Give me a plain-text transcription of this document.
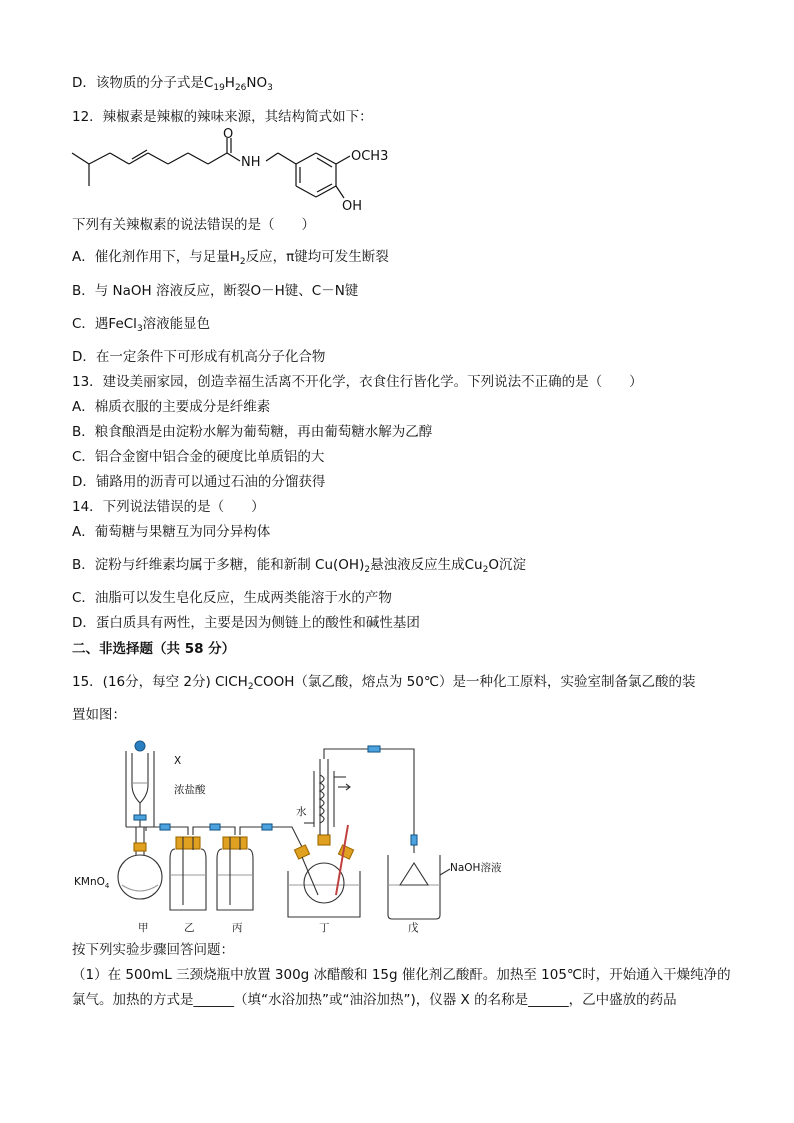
D．该物质的分子式是$C_{19}H_{26}NO_3$
12．辣椒素是辣椒的辣味来源，其结构简式如下：
O
NH	OCH3
OH
下列有关辣椒素的说法错误的是（　　）
A．催化剂作用下，与足量$H_2$反应，π键均可发生断裂
B．与 NaOH 溶液反应，断裂O－H键、C－N键
C．遇FeCl$_3$溶液能显色
D．在一定条件下可形成有机高分子化合物
13．建设美丽家园，创造幸福生活离不开化学，衣食住行皆化学。下列说法不正确的是（　　）
A．棉质衣服的主要成分是纤维素
B．粮食酿酒是由淀粉水解为葡萄糖，再由葡萄糖水解为乙醇
C．铝合金窗中铝合金的硬度比单质铝的大
D．铺路用的沥青可以通过石油的分馏获得
14．下列说法错误的是（　　）
A．葡萄糖与果糖互为同分异构体
B．淀粉与纤维素均属于多糖，能和新制 $Cu(OH)_2$悬浊液反应生成$Cu_2O$沉淀
C．油脂可以发生皂化反应，生成两类能溶于水的产物
D．蛋白质具有两性，主要是因为侧链上的酸性和碱性基团
二、非选择题（共 58 分）
15．(16分，每空 2分) ClCH$_2$COOH（氯乙酸，熔点为 50℃）是一种化工原料，实验室制备氯乙酸的装
置如图：
X
浓盐酸
KMnO$_4$
水
NaOH溶液
甲	乙	丙	丁	戊
按下列实验步骤回答问题：
（1）在 500mL 三颈烧瓶中放置 300g 冰醋酸和 15g 催化剂乙酸酐。加热至 105℃时，开始通入干燥纯净的
氯气。加热的方式是______（填“水浴加热”或“油浴加热”)，仪器 X 的名称是______，乙中盛放的药品
